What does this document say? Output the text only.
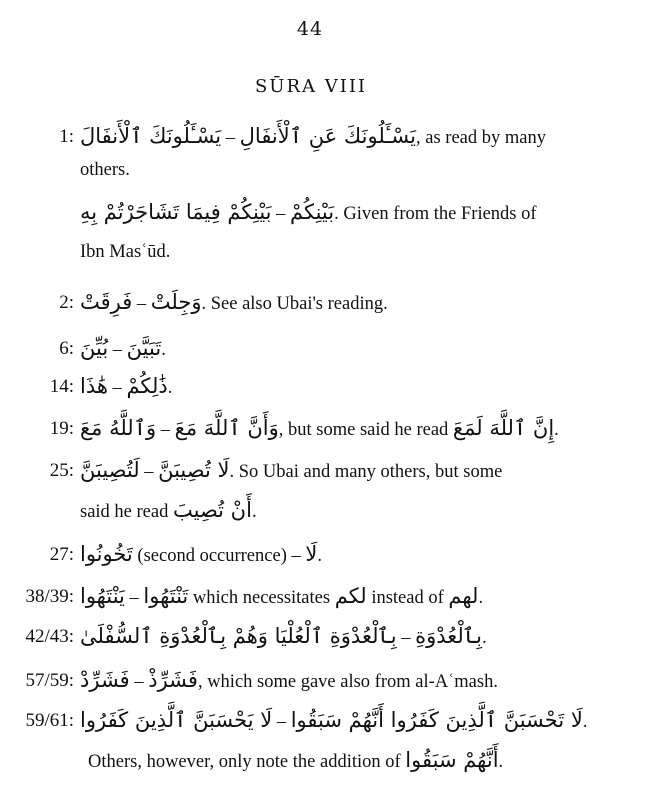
44
SŪRA VIII
1: يَسْـَٔلُونَكَ ٱلْأَنفَالَ – يَسْـَٔلُونَكَ عَنِ ٱلْأَنفَالِ, as read by many
others.
بَيْنِكُمْ فِيمَا تَشَاجَرْتُمْ بِهِ – بَيْنِكُمْ. Given from the Friends of
Ibn Masʿūd.
2: فَرِقَتْ – وَجِلَتْ. See also Ubai's reading.
6: بُيِّنَ – تَبَيَّنَ.
14: هَٰذَا – ذَٰلِكُمْ.
19: وَٱللَّهُ مَعَ – وَأَنَّ ٱللَّهَ مَعَ, but some said he read إِنَّ ٱللَّهَ لَمَعَ.
25: لَتُصِيبَنَّ – لَا تُصِيبَنَّ. So Ubai and many others, but some
said he read أَنْ تُصِيبَ.
27: تَخُونُوا (second occurrence) – لَا.
38/39: يَنْتَهُوا – تَنْتَهُوا which necessitates لكم instead of لهم.
42/43: بِٱلْعُدْوَةِ ٱلْعُلْيَا وَهُمْ بِٱلْعُدْوَةِ ٱلسُّفْلَىٰ – بِٱلْعُدْوَةِ.
57/59: فَشَرِّدْ – فَشَرِّذْ, which some gave also from al-Aʿmash.
59/61: لَا يَحْسَبَنَّ ٱلَّذِينَ كَفَرُوا – لَا تَحْسَبَنَّ ٱلَّذِينَ كَفَرُوا أَنَّهُمْ سَبَقُوا.
Others, however, only note the addition of أَنَّهُمْ سَبَقُوا.
